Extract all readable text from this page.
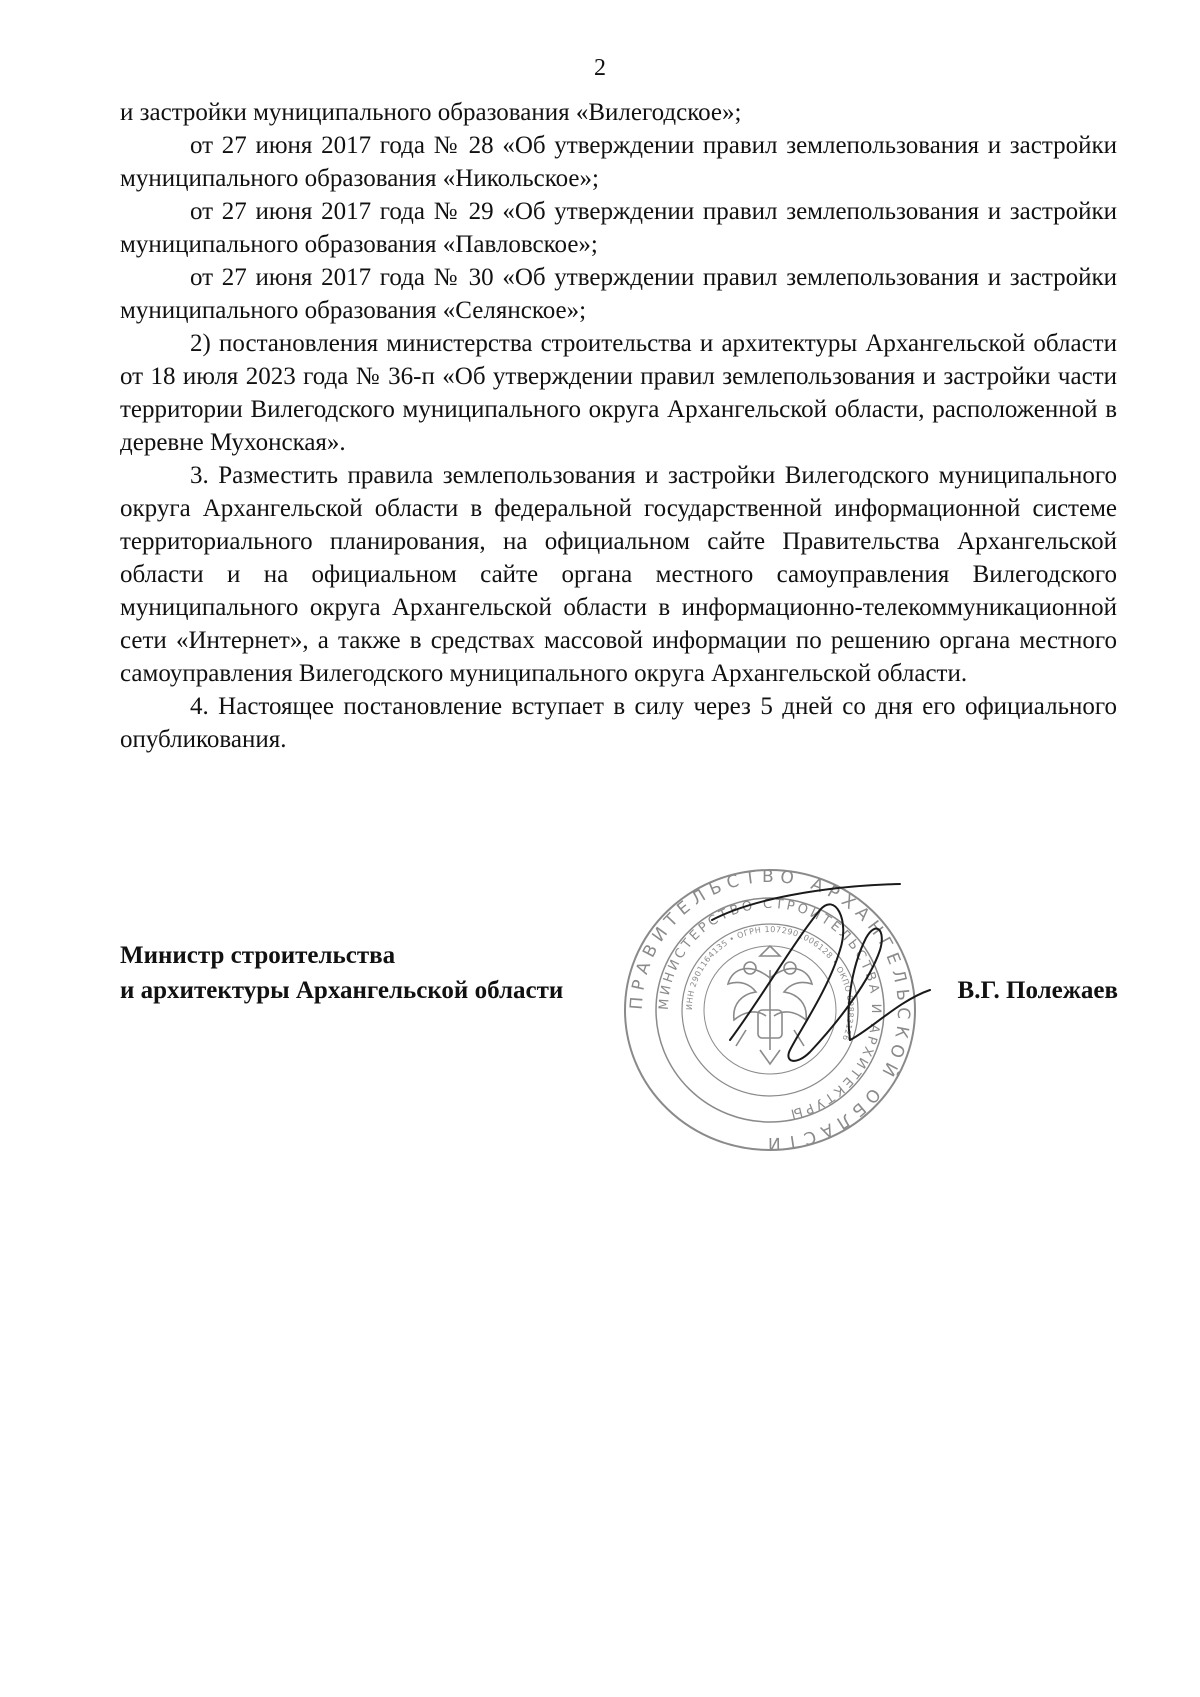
2

и застройки муниципального образования «Вилегодское»;

от 27 июня 2017 года № 28 «Об утверждении правил землепользования и застройки муниципального образования «Никольское»;

от 27 июня 2017 года № 29 «Об утверждении правил землепользования и застройки муниципального образования «Павловское»;

от 27 июня 2017 года № 30 «Об утверждении правил землепользования и застройки муниципального образования «Селянское»;

2) постановления министерства строительства и архитектуры Архангельской области от 18 июля 2023 года № 36-п «Об утверждении правил землепользования и застройки части территории Вилегодского муниципального округа Архангельской области, расположенной в деревне Мухонская».

3. Разместить правила землепользования и застройки Вилегодского муниципального округа Архангельской области в федеральной государственной информационной системе территориального планирования, на официальном сайте Правительства Архангельской области и на официальном сайте органа местного самоуправления Вилегодского муниципального округа Архангельской области в информационно-телекоммуникационной сети «Интернет», а также в средствах массовой информации по решению органа местного самоуправления Вилегодского муниципального округа Архангельской области.

4. Настоящее постановление вступает в силу через 5 дней со дня его официального опубликования.

ПРАВИТЕЛЬСТВО АРХАНГЕЛЬСКОЙ ОБЛАСТИ
МИНИСТЕРСТВО СТРОИТЕЛЬСТВА И АРХИТЕКТУРЫ
ИНН 2901164135 • ОГРН 1072901006128 • ОКПО 89883126
Министр строительства
и архитектуры Архангельской области	В.Г. Полежаев
